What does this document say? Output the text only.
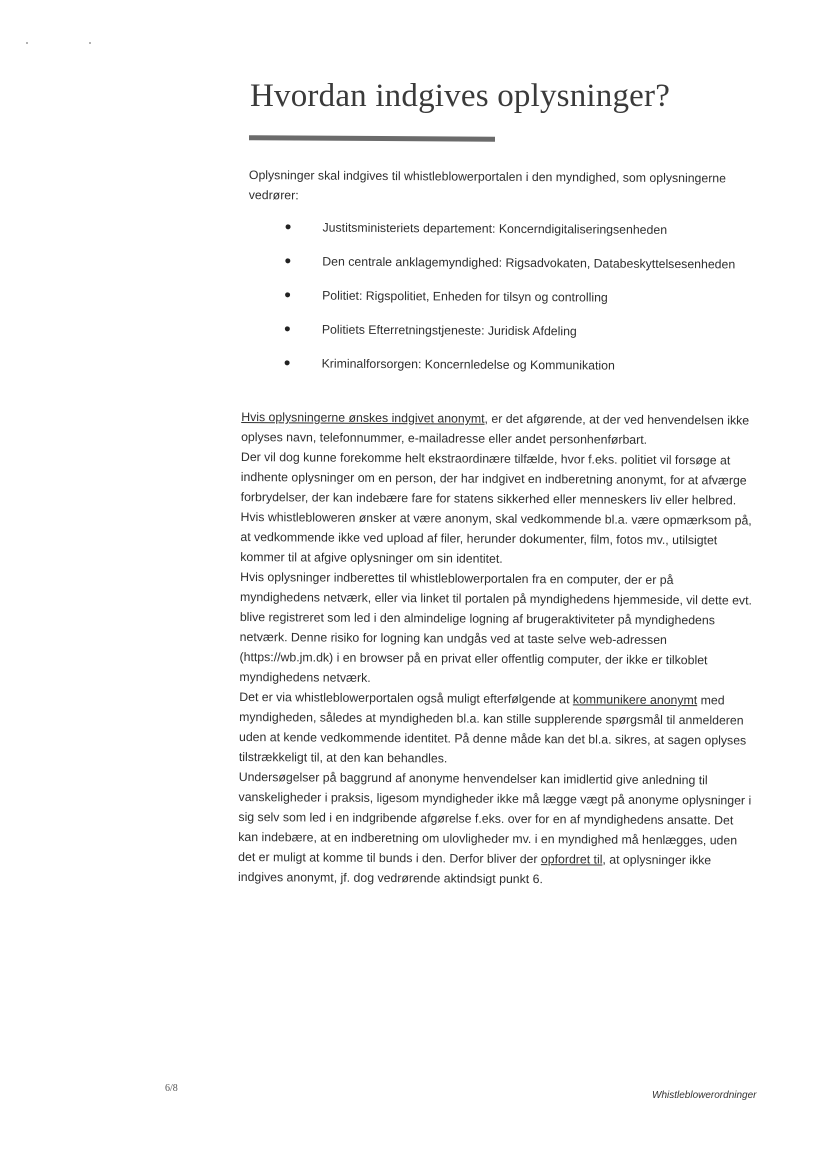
Hvordan indgives oplysninger?

Oplysninger skal indgives til whistleblowerportalen i den myndighed, som oplysningerne vedrører:

Justitsministeriets departement: Koncerndigitaliseringsenheden
Den centrale anklagemyndighed: Rigsadvokaten, Databeskyttelsesenheden
Politiet: Rigspolitiet, Enheden for tilsyn og controlling
Politiets Efterretningstjeneste: Juridisk Afdeling
Kriminalforsorgen: Koncernledelse og Kommunikation

Hvis oplysningerne ønskes indgivet anonymt, er det afgørende, at der ved henvendelsen ikke oplyses navn, telefonnummer, e-mailadresse eller andet personhenførbart.

Der vil dog kunne forekomme helt ekstraordinære tilfælde, hvor f.eks. politiet vil forsøge at indhente oplysninger om en person, der har indgivet en indberetning anonymt, for at afværge forbrydelser, der kan indebære fare for statens sikkerhed eller menneskers liv eller helbred.

Hvis whistlebloweren ønsker at være anonym, skal vedkommende bl.a. være opmærksom på, at vedkommende ikke ved upload af filer, herunder dokumenter, film, fotos mv., utilsigtet kommer til at afgive oplysninger om sin identitet.

Hvis oplysninger indberettes til whistleblowerportalen fra en computer, der er på myndighedens netværk, eller via linket til portalen på myndighedens hjemmeside, vil dette evt. blive registreret som led i den almindelige logning af brugeraktiviteter på myndighedens netværk. Denne risiko for logning kan undgås ved at taste selve web-adressen (https://wb.jm.dk) i en browser på en privat eller offentlig computer, der ikke er tilkoblet myndighedens netværk.

Det er via whistleblowerportalen også muligt efterfølgende at kommunikere anonymt med myndigheden, således at myndigheden bl.a. kan stille supplerende spørgsmål til anmelderen uden at kende vedkommende identitet. På denne måde kan det bl.a. sikres, at sagen oplyses tilstrækkeligt til, at den kan behandles.

Undersøgelser på baggrund af anonyme henvendelser kan imidlertid give anledning til vanskeligheder i praksis, ligesom myndigheder ikke må lægge vægt på anonyme oplysninger i sig selv som led i en indgribende afgørelse f.eks. over for en af myndighedens ansatte. Det kan indebære, at en indberetning om ulovligheder mv. i en myndighed må henlægges, uden det er muligt at komme til bunds i den. Derfor bliver der opfordret til, at oplysninger ikke indgives anonymt, jf. dog vedrørende aktindsigt punkt 6.

6/8
Whistleblowerordninger
